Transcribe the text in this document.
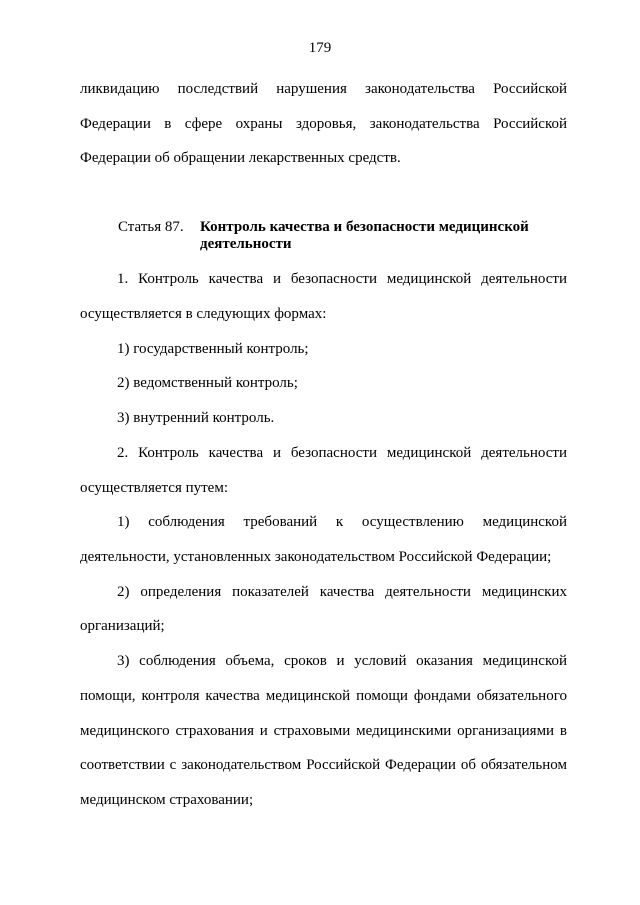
179
ликвидацию последствий нарушения законодательства Российской
Федерации в сфере охраны здоровья, законодательства Российской
Федерации об обращении лекарственных средств.
Статья 87. Контроль качества и безопасности медицинской
деятельности
1. Контроль качества и безопасности медицинской деятельности
осуществляется в следующих формах:
1) государственный контроль;
2) ведомственный контроль;
3) внутренний контроль.
2. Контроль качества и безопасности медицинской деятельности
осуществляется путем:
1) соблюдения требований к осуществлению медицинской
деятельности, установленных законодательством Российской Федерации;
2) определения показателей качества деятельности медицинских
организаций;
3) соблюдения объема, сроков и условий оказания медицинской
помощи, контроля качества медицинской помощи фондами обязательного
медицинского страхования и страховыми медицинскими организациями в
соответствии с законодательством Российской Федерации об обязательном
медицинском страховании;
